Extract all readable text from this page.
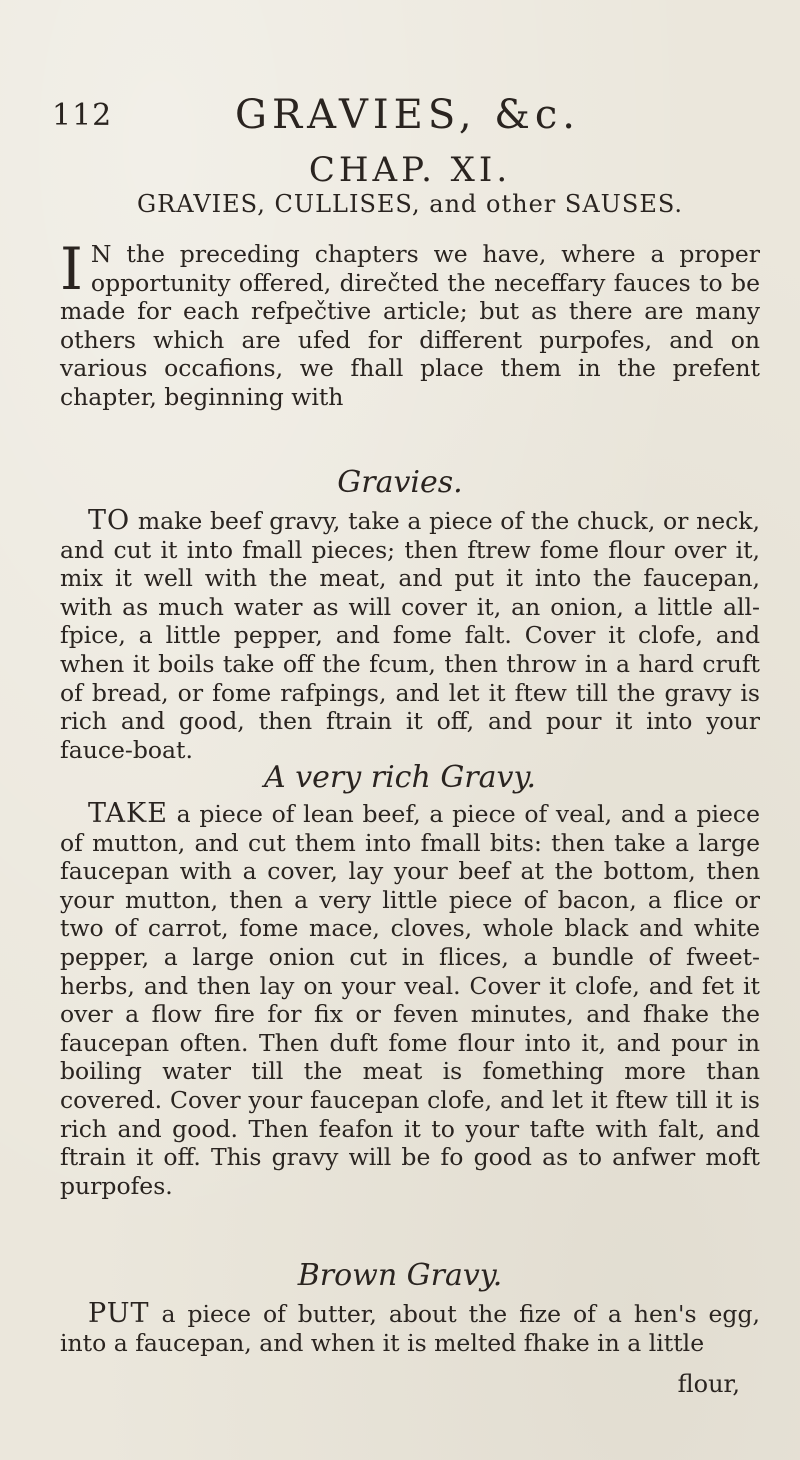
112	GRAVIES, &c.
CHAP. XI.
GRAVIES, CULLISES, and other SAUSES.

I N the preceding chapters we have, where a proper opportunity offered, direčted the neceffary fauces to be made for each refpečtive article; but as there are many others which are ufed for different purpofes, and on various occafions, we fhall place them in the prefent chapter, beginning with

Gravies.

TO make beef gravy, take a piece of the chuck, or neck, and cut it into fmall pieces; then ftrew fome flour over it, mix it well with the meat, and put it into the faucepan, with as much water as will cover it, an onion, a little all-fpice, a little pepper, and fome falt. Cover it clofe, and when it boils take off the fcum, then throw in a hard cruft of bread, or fome rafpings, and let it ftew till the gravy is rich and good, then ftrain it off, and pour it into your fauce-boat.

A very rich Gravy.

TAKE a piece of lean beef, a piece of veal, and a piece of mutton, and cut them into fmall bits: then take a large faucepan with a cover, lay your beef at the bottom, then your mutton, then a very little piece of bacon, a flice or two of carrot, fome mace, cloves, whole black and white pepper, a large onion cut in flices, a bundle of fweet-herbs, and then lay on your veal. Cover it clofe, and fet it over a flow fire for fix or feven minutes, and fhake the faucepan often. Then duft fome flour into it, and pour in boiling water till the meat is fomething more than covered. Cover your faucepan clofe, and let it ftew till it is rich and good. Then feafon it to your tafte with falt, and ftrain it off. This gravy will be fo good as to anfwer moft purpofes.

Brown Gravy.

PUT a piece of butter, about the fize of a hen's egg, into a faucepan, and when it is melted fhake in a little

flour,
